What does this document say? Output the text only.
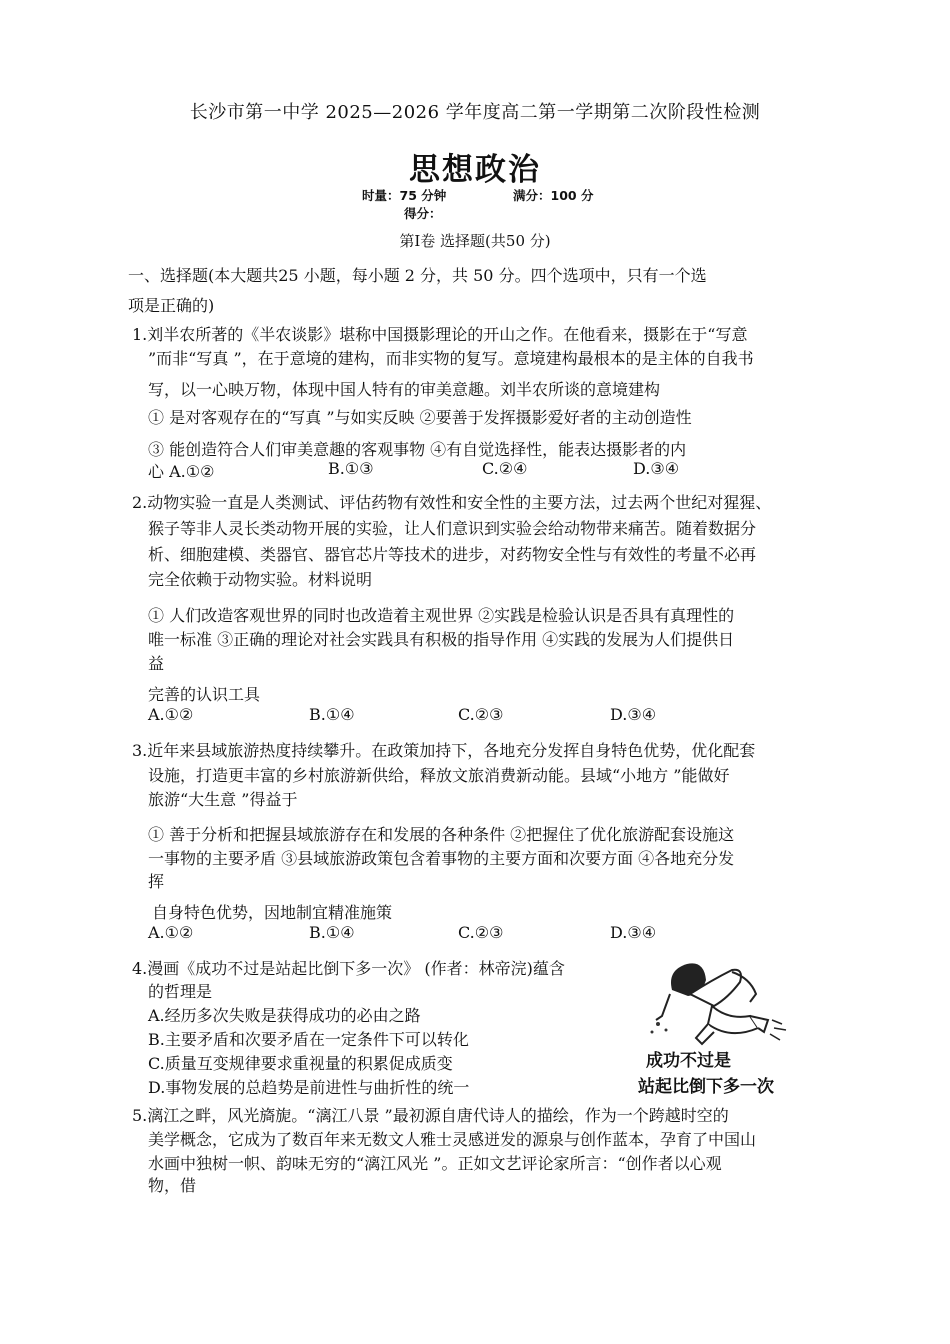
长沙市第一中学 2025—2026 学年度高二第一学期第二次阶段性检测
思想政治
时量：75 分钟	满分：100 分
得分：
第Ⅰ卷 选择题(共50 分)
一、选择题(本大题共25 小题，每小题 2 分，共 50 分。四个选项中，只有一个选
项是正确的)
1.刘半农所著的《半农谈影》堪称中国摄影理论的开山之作。在他看来，摄影在于“写意
”而非“写真 ”，在于意境的建构，而非实物的复写。意境建构最根本的是主体的自我书
写，以一心映万物，体现中国人特有的审美意趣。刘半农所谈的意境建构
① 是对客观存在的“写真 ”与如实反映 ②要善于发挥摄影爱好者的主动创造性
③ 能创造符合人们审美意趣的客观事物 ④有自觉选择性，能表达摄影者的内
心 A.①②	B.①③	C.②④	D.③④
2.动物实验一直是人类测试、评估药物有效性和安全性的主要方法，过去两个世纪对猩猩、
猴子等非人灵长类动物开展的实验，让人们意识到实验会给动物带来痛苦。随着数据分
析、细胞建模、类器官、器官芯片等技术的进步，对药物安全性与有效性的考量不必再
完全依赖于动物实验。材料说明
① 人们改造客观世界的同时也改造着主观世界 ②实践是检验认识是否具有真理性的
唯一标准 ③正确的理论对社会实践具有积极的指导作用 ④实践的发展为人们提供日
益
完善的认识工具
A.①②	B.①④	C.②③	D.③④
3.近年来县域旅游热度持续攀升。在政策加持下，各地充分发挥自身特色优势，优化配套
设施，打造更丰富的乡村旅游新供给，释放文旅消费新动能。县域“小地方 ”能做好
旅游“大生意 ”得益于
① 善于分析和把握县域旅游存在和发展的各种条件 ②把握住了优化旅游配套设施这
一事物的主要矛盾 ③县域旅游政策包含着事物的主要方面和次要方面 ④各地充分发
挥
自身特色优势，因地制宜精准施策
A.①②	B.①④	C.②③	D.③④
4.漫画《成功不过是站起比倒下多一次》 (作者：林帝浣)蕴含
的哲理是
A.经历多次失败是获得成功的必由之路
B.主要矛盾和次要矛盾在一定条件下可以转化
C.质量互变规律要求重视量的积累促成质变
D.事物发展的总趋势是前进性与曲折性的统一
成功不过是
站起比倒下多一次
5.漓江之畔，风光旖旎。“漓江八景 ”最初源自唐代诗人的描绘，作为一个跨越时空的
美学概念，它成为了数百年来无数文人雅士灵感迸发的源泉与创作蓝本，孕育了中国山
水画中独树一帜、韵味无穷的“漓江风光 ”。正如文艺评论家所言：“创作者以心观
物，借
